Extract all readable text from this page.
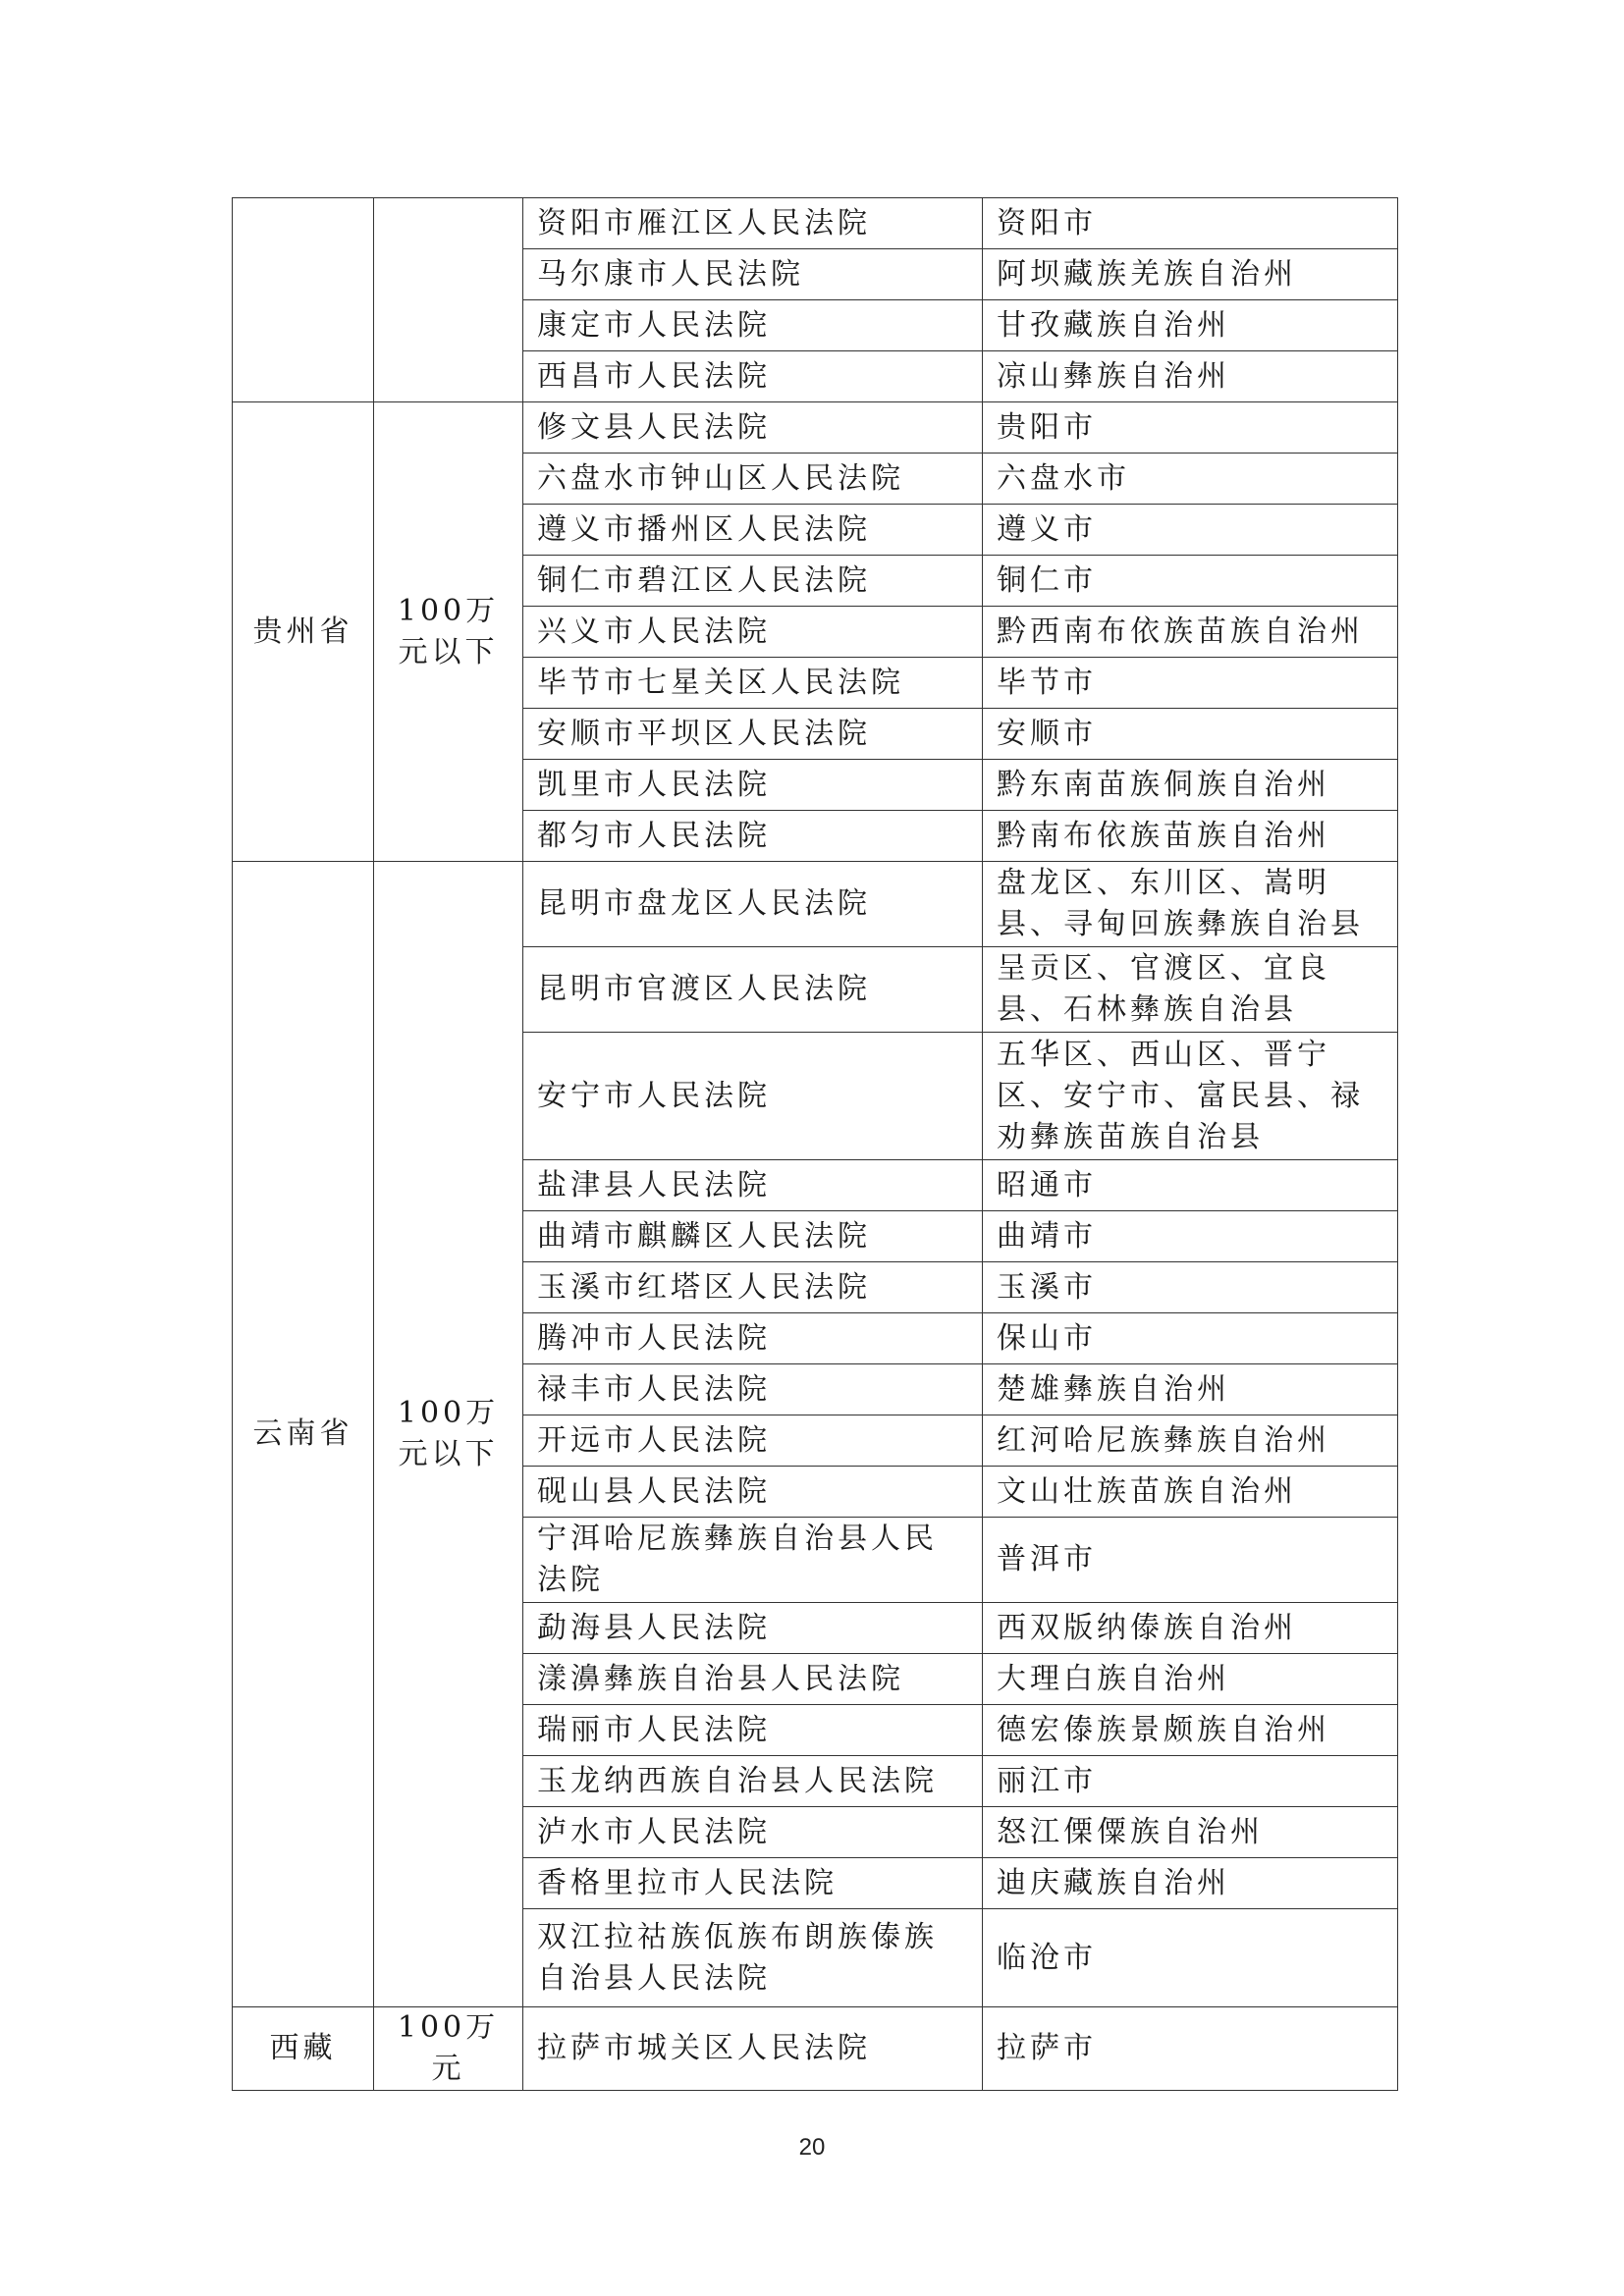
		资阳市雁江区人民法院	资阳市
		马尔康市人民法院	阿坝藏族羌族自治州
		康定市人民法院	甘孜藏族自治州
		西昌市人民法院	凉山彝族自治州
贵州省	100万元以下	修文县人民法院	贵阳市
		六盘水市钟山区人民法院	六盘水市
		遵义市播州区人民法院	遵义市
		铜仁市碧江区人民法院	铜仁市
		兴义市人民法院	黔西南布依族苗族自治州
		毕节市七星关区人民法院	毕节市
		安顺市平坝区人民法院	安顺市
		凯里市人民法院	黔东南苗族侗族自治州
		都匀市人民法院	黔南布依族苗族自治州
云南省	100万元以下	昆明市盘龙区人民法院	盘龙区、东川区、嵩明县、寻甸回族彝族自治县
		昆明市官渡区人民法院	呈贡区、官渡区、宜良县、石林彝族自治县
		安宁市人民法院	五华区、西山区、晋宁区、安宁市、富民县、禄劝彝族苗族自治县
		盐津县人民法院	昭通市
		曲靖市麒麟区人民法院	曲靖市
		玉溪市红塔区人民法院	玉溪市
		腾冲市人民法院	保山市
		禄丰市人民法院	楚雄彝族自治州
		开远市人民法院	红河哈尼族彝族自治州
		砚山县人民法院	文山壮族苗族自治州
		宁洱哈尼族彝族自治县人民法院	普洱市
		勐海县人民法院	西双版纳傣族自治州
		漾濞彝族自治县人民法院	大理白族自治州
		瑞丽市人民法院	德宏傣族景颇族自治州
		玉龙纳西族自治县人民法院	丽江市
		泸水市人民法院	怒江傈僳族自治州
		香格里拉市人民法院	迪庆藏族自治州
		双江拉祜族佤族布朗族傣族自治县人民法院	临沧市
西藏	100万元	拉萨市城关区人民法院	拉萨市
20
